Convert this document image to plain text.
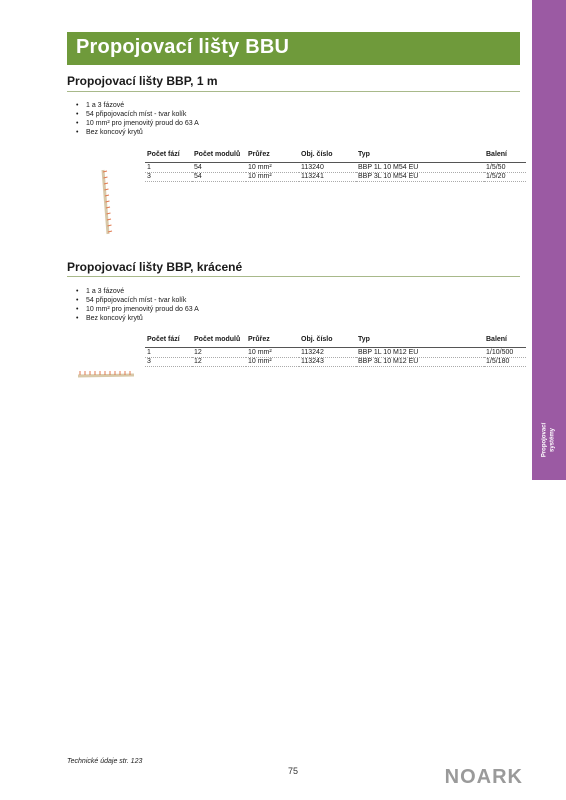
Propojovací systémy
Propojovací lišty BBU
Propojovací lišty BBP, 1 m
• 1 a 3 fázové
• 54 připojovacích míst - tvar kolík
• 10 mm² pro jmenovitý proud do 63 A
• Bez koncový krytů
Počet fází	Počet modulů	Průřez	Obj. číslo	Typ	Balení
1	54	10 mm²	113240	BBP 1L 10 M54 EU	1/5/50
3	54	10 mm²	113241	BBP 3L 10 M54 EU	1/5/20
Propojovací lišty BBP, krácené
• 1 a 3 fázové
• 54 připojovacích míst - tvar kolík
• 10 mm² pro jmenovitý proud do 63 A
• Bez koncový krytů
Počet fází	Počet modulů	Průřez	Obj. číslo	Typ	Balení
1	12	10 mm²	113242	BBP 1L 10 M12 EU	1/10/500
3	12	10 mm²	113243	BBP 3L 10 M12 EU	1/5/180
Technické údaje str. 123
75	NOARK
